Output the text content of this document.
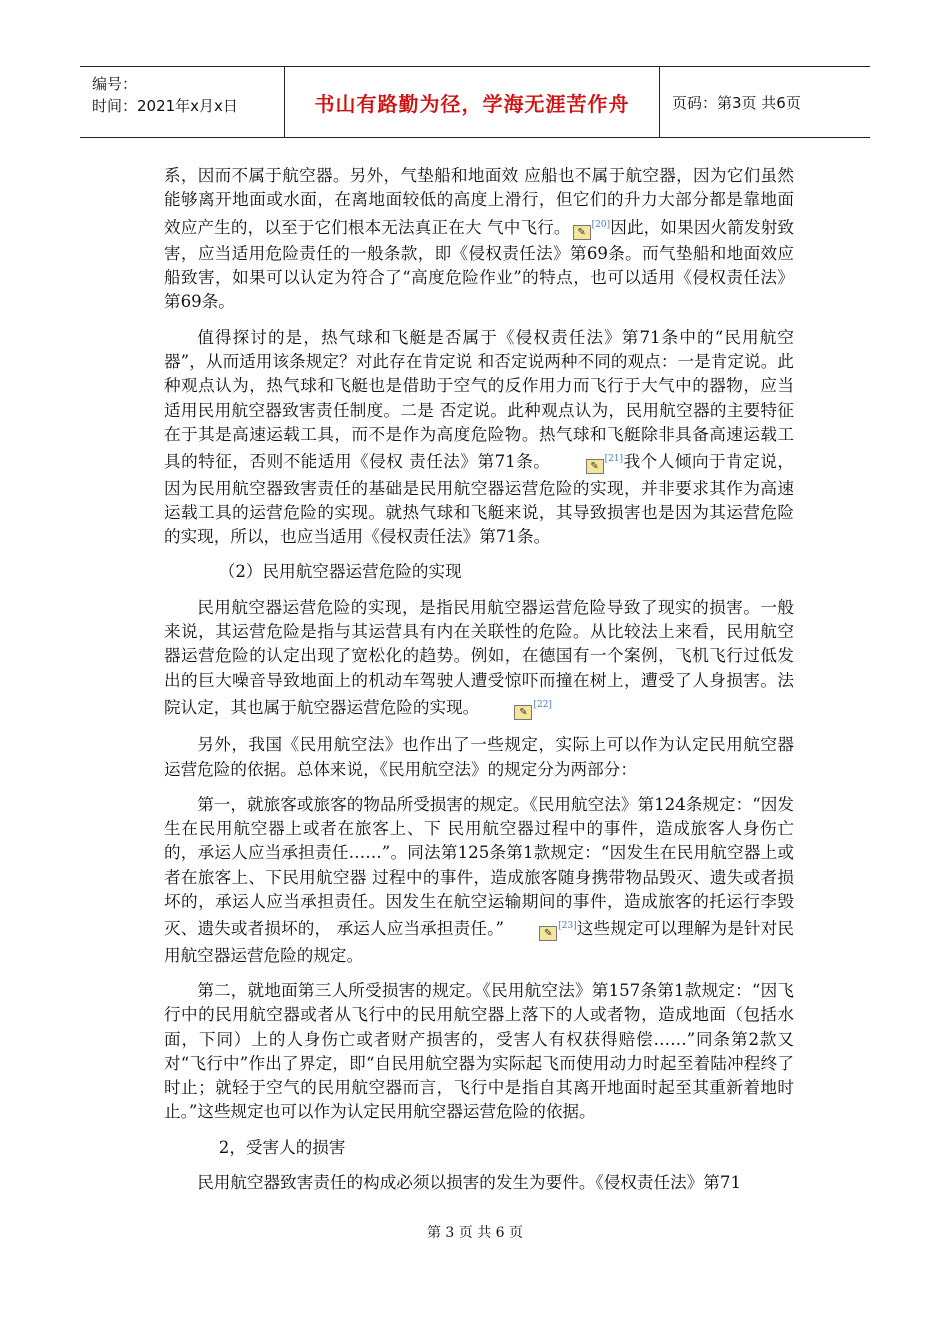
编号：
时间：2021年x月x日	书山有路勤为径，学海无涯苦作舟	页码：第3页 共6页

系，因而不属于航空器。另外，气垫船和地面效 应船也不属于航空器，因为它们虽然能够离开地面或水面，在离地面较低的高度上滑行，但它们的升力大部分都是靠地面效应产生的，以至于它们根本无法真正在大 气中飞行。 ✎[20]因此，如果因火箭发射致害，应当适用危险责任的一般条款，即《侵权责任法》第69条。而气垫船和地面效应船致害，如果可以认定为符合了“高度危险作业”的特点，也可以适用《侵权责任法》第69条。

值得探讨的是，热气球和飞艇是否属于《侵权责任法》第71条中的“民用航空器”，从而适用该条规定？对此存在肯定说 和否定说两种不同的观点：一是肯定说。此种观点认为，热气球和飞艇也是借助于空气的反作用力而飞行于大气中的器物，应当适用民用航空器致害责任制度。二是 否定说。此种观点认为，民用航空器的主要特征在于其是高速运载工具，而不是作为高度危险物。热气球和飞艇除非具备高速运载工具的特征，否则不能适用《侵权 责任法》第71条。	✎[21]我个人倾向于肯定说，因为民用航空器致害责任的基础是民用航空器运营危险的实现，并非要求其作为高速运载工具的运营危险的实现。就热气球和飞艇来说，其导致损害也是因为其运营危险的实现，所以，也应当适用《侵权责任法》第71条。

（2）民用航空器运营危险的实现

民用航空器运营危险的实现，是指民用航空器运营危险导致了现实的损害。一般来说，其运营危险是指与其运营具有内在关联性的危险。从比较法上来看，民用航空器运营危险的认定出现了宽松化的趋势。例如，在德国有一个案例，飞机飞行过低发出的巨大噪音导致地面上的机动车驾驶人遭受惊吓而撞在树上，遭受了人身损害。法院认定，其也属于航空器运营危险的实现。	✎[22]

另外，我国《民用航空法》也作出了一些规定，实际上可以作为认定民用航空器运营危险的依据。总体来说，《民用航空法》的规定分为两部分：

第一，就旅客或旅客的物品所受损害的规定。《民用航空法》第124条规定：“因发生在民用航空器上或者在旅客上、下 民用航空器过程中的事件，造成旅客人身伤亡的，承运人应当承担责任……”。同法第125条第1款规定：“因发生在民用航空器上或者在旅客上、下民用航空器 过程中的事件，造成旅客随身携带物品毁灭、遗失或者损坏的，承运人应当承担责任。因发生在航空运输期间的事件，造成旅客的托运行李毁灭、遗失或者损坏的， 承运人应当承担责任。”	✎[23]这些规定可以理解为是针对民用航空器运营危险的规定。

第二，就地面第三人所受损害的规定。《民用航空法》第157条第1款规定：“因飞行中的民用航空器或者从飞行中的民用航空器上落下的人或者物，造成地面（包括水面，下同）上的人身伤亡或者财产损害的，受害人有权获得赔偿……”同条第2款又对“飞行中”作出了界定，即“自民用航空器为实际起飞而使用动力时起至着陆冲程终了时止；就轻于空气的民用航空器而言，飞行中是指自其离开地面时起至其重新着地时止。”这些规定也可以作为认定民用航空器运营危险的依据。

2，受害人的损害

民用航空器致害责任的构成必须以损害的发生为要件。《侵权责任法》第71

第 3 页 共 6 页
